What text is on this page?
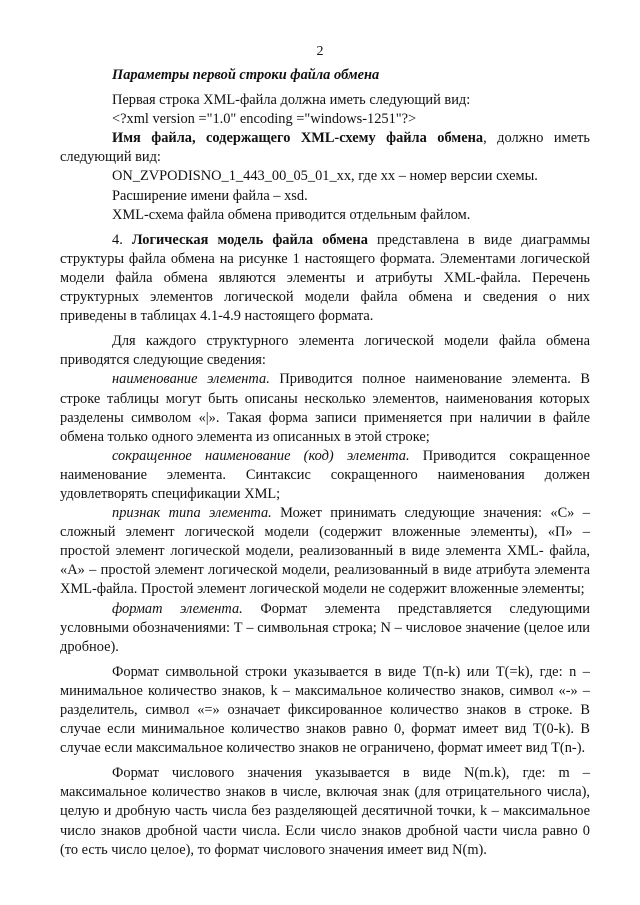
2

Параметры первой строки файла обмена

Первая строка XML-файла должна иметь следующий вид:

<?xml version ="1.0" encoding ="windows-1251"?>

Имя файла, содержащего XML-схему файла обмена, должно иметь следующий вид:

ON_ZVPODISNO_1_443_00_05_01_xx, где xx – номер версии схемы.

Расширение имени файла – xsd.

XML-схема файла обмена приводится отдельным файлом.

4. Логическая модель файла обмена представлена в виде диаграммы структуры файла обмена на рисунке 1 настоящего формата. Элементами логической модели файла обмена являются элементы и атрибуты XML-файла. Перечень структурных элементов логической модели файла обмена и сведения о них приведены в таблицах 4.1-4.9 настоящего формата.

Для каждого структурного элемента логической модели файла обмена приводятся следующие сведения:

наименование элемента. Приводится полное наименование элемента. В строке таблицы могут быть описаны несколько элементов, наименования которых разделены символом «|». Такая форма записи применяется при наличии в файле обмена только одного элемента из описанных в этой строке;

сокращенное наименование (код) элемента. Приводится сокращенное наименование элемента. Синтаксис сокращенного наименования должен удовлетворять спецификации XML;

признак типа элемента. Может принимать следующие значения: «С» – сложный элемент логической модели (содержит вложенные элементы), «П» – простой элемент логической модели, реализованный в виде элемента XML- файла, «А» – простой элемент логической модели, реализованный в виде атрибута элемента XML-файла. Простой элемент логической модели не содержит вложенные элементы;

формат элемента. Формат элемента представляется следующими условными обозначениями: Т – символьная строка; N – числовое значение (целое или дробное).

Формат символьной строки указывается в виде Т(n-k) или Т(=k), где: n – минимальное количество знаков, k – максимальное количество знаков, символ «-» – разделитель, символ «=» означает фиксированное количество знаков в строке. В случае если минимальное количество знаков равно 0, формат имеет вид Т(0-k). В случае если максимальное количество знаков не ограничено, формат имеет вид Т(n-).

Формат числового значения указывается в виде N(m.k), где: m – максимальное количество знаков в числе, включая знак (для отрицательного числа), целую и дробную часть числа без разделяющей десятичной точки, k – максимальное число знаков дробной части числа. Если число знаков дробной части числа равно 0 (то есть число целое), то формат числового значения имеет вид N(m).
